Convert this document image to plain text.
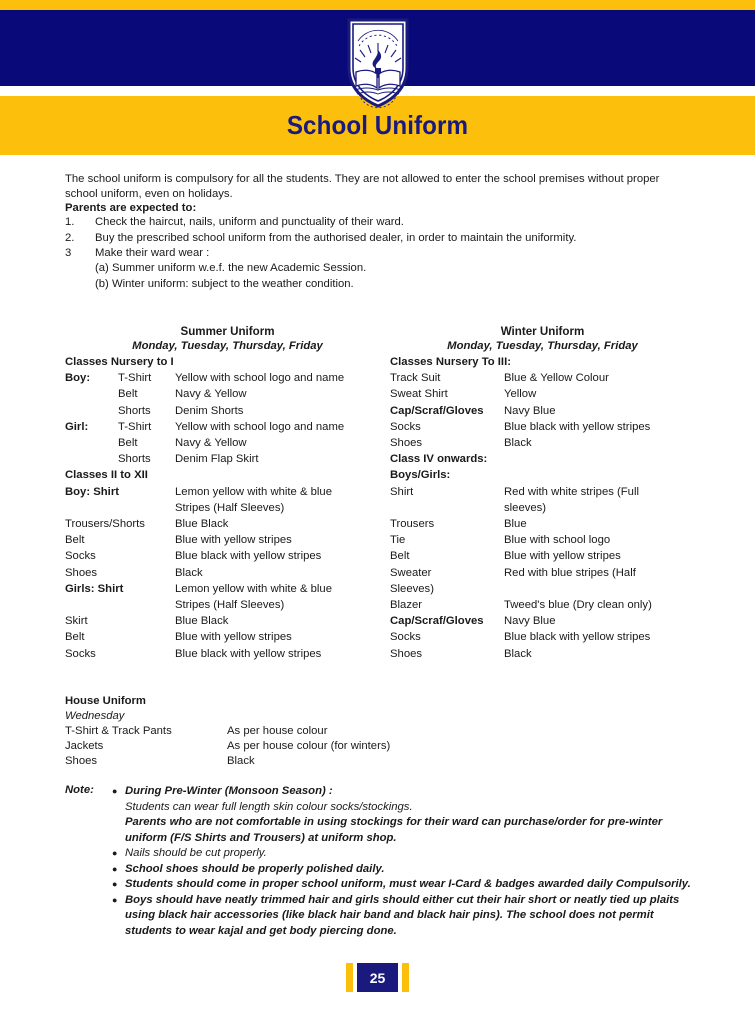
School Uniform
The school uniform is compulsory for all the students. They are not allowed to enter the school premises without proper school uniform, even on holidays.
Parents are expected to:
1.	Check the haircut, nails, uniform and punctuality of their ward.
2.	Buy the prescribed school uniform from the authorised dealer, in order to maintain the uniformity.
3	Make their ward wear :
(a) Summer uniform w.e.f. the new Academic Session.
(b) Winter uniform: subject to the weather condition.
Summer Uniform
Monday, Tuesday, Thursday, Friday
Classes Nursery to I
Boy:	T-Shirt	Yellow with school logo and name
Belt	Navy & Yellow
Shorts	Denim Shorts
Girl:	T-Shirt	Yellow with school logo and name
Belt	Navy & Yellow
Shorts	Denim Flap Skirt
Classes II to XII
Boy: Shirt	Lemon yellow with white & blue
Stripes (Half Sleeves)
Trousers/Shorts	Blue Black
Belt	Blue with yellow stripes
Socks	Blue black with yellow stripes
Shoes	Black
Girls: Shirt	Lemon yellow with white & blue
Stripes (Half Sleeves)
Skirt	Blue Black
Belt	Blue with yellow stripes
Socks	Blue black with yellow stripes
Winter Uniform
Monday, Tuesday, Thursday, Friday
Classes Nursery To III:
Track Suit	Blue & Yellow Colour
Sweat Shirt	Yellow
Cap/Scraf/Gloves	Navy Blue
Socks	Blue black with yellow stripes
Shoes	Black
Class IV onwards:
Boys/Girls:
Shirt	Red with white stripes (Full
sleeves)
Trousers	Blue
Tie	Blue with school logo
Belt	Blue with yellow stripes
Sweater	Red with blue stripes (Half
Sleeves)
Blazer	Tweed's blue (Dry clean only)
Cap/Scraf/Gloves	Navy Blue
Socks	Blue black with yellow stripes
Shoes	Black
House Uniform
Wednesday
T-Shirt & Track Pants	As per house colour
Jackets	As per house colour (for winters)
Shoes	Black
Note: ● During Pre-Winter (Monsoon Season) :
Students can wear full length skin colour socks/stockings.
Parents who are not comfortable in using stockings for their ward can purchase/order for pre-winter uniform (F/S Shirts and Trousers) at uniform shop.
● Nails should be cut properly.
● School shoes should be properly polished daily.
● Students should come in proper school uniform, must wear I-Card & badges awarded daily Compulsorily.
● Boys should have neatly trimmed hair and girls should either cut their hair short or neatly tied up plaits using black hair accessories (like black hair band and black hair pins). The school does not permit students to wear kajal and get body piercing done.
25
